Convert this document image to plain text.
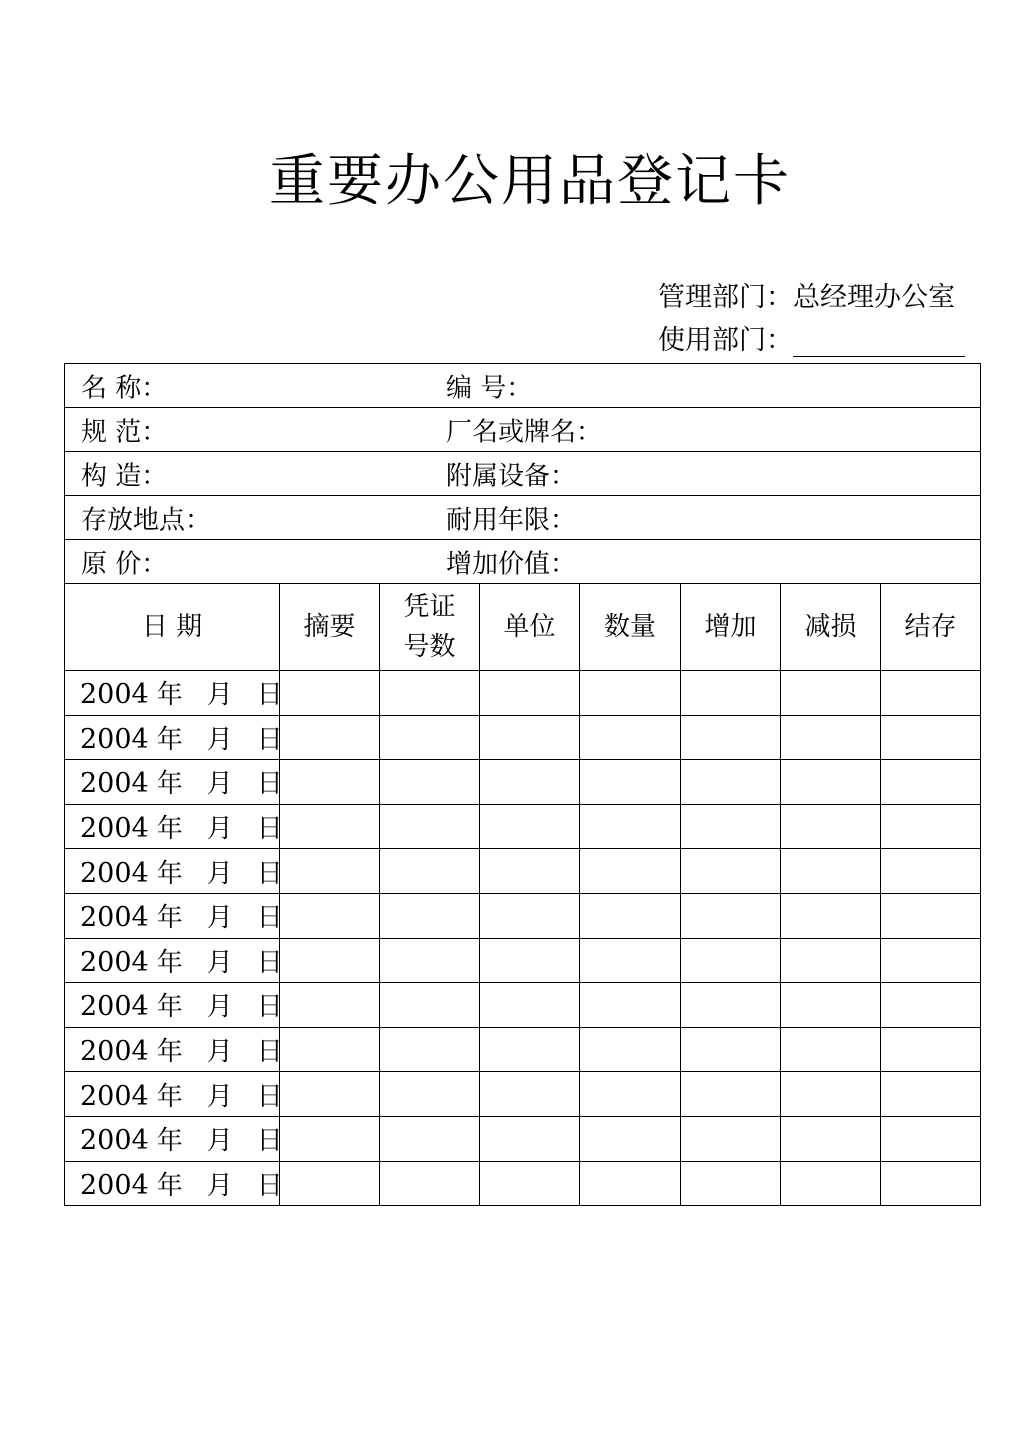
重要办公用品登记卡
管理部门：总经理办公室
使用部门：
名 称： 编 号：							

规 范： 厂名或牌名：							

构 造： 附属设备：							

存放地点： 耐用年限：							

原 价： 增加价值：							

日 期	摘要	凭证
号数	单位	数量	增加	减损	结存
2004 年 月 日							
2004 年 月 日							
2004 年 月 日							
2004 年 月 日							
2004 年 月 日							
2004 年 月 日							
2004 年 月 日							
2004 年 月 日							
2004 年 月 日							
2004 年 月 日							
2004 年 月 日							
2004 年 月 日							
